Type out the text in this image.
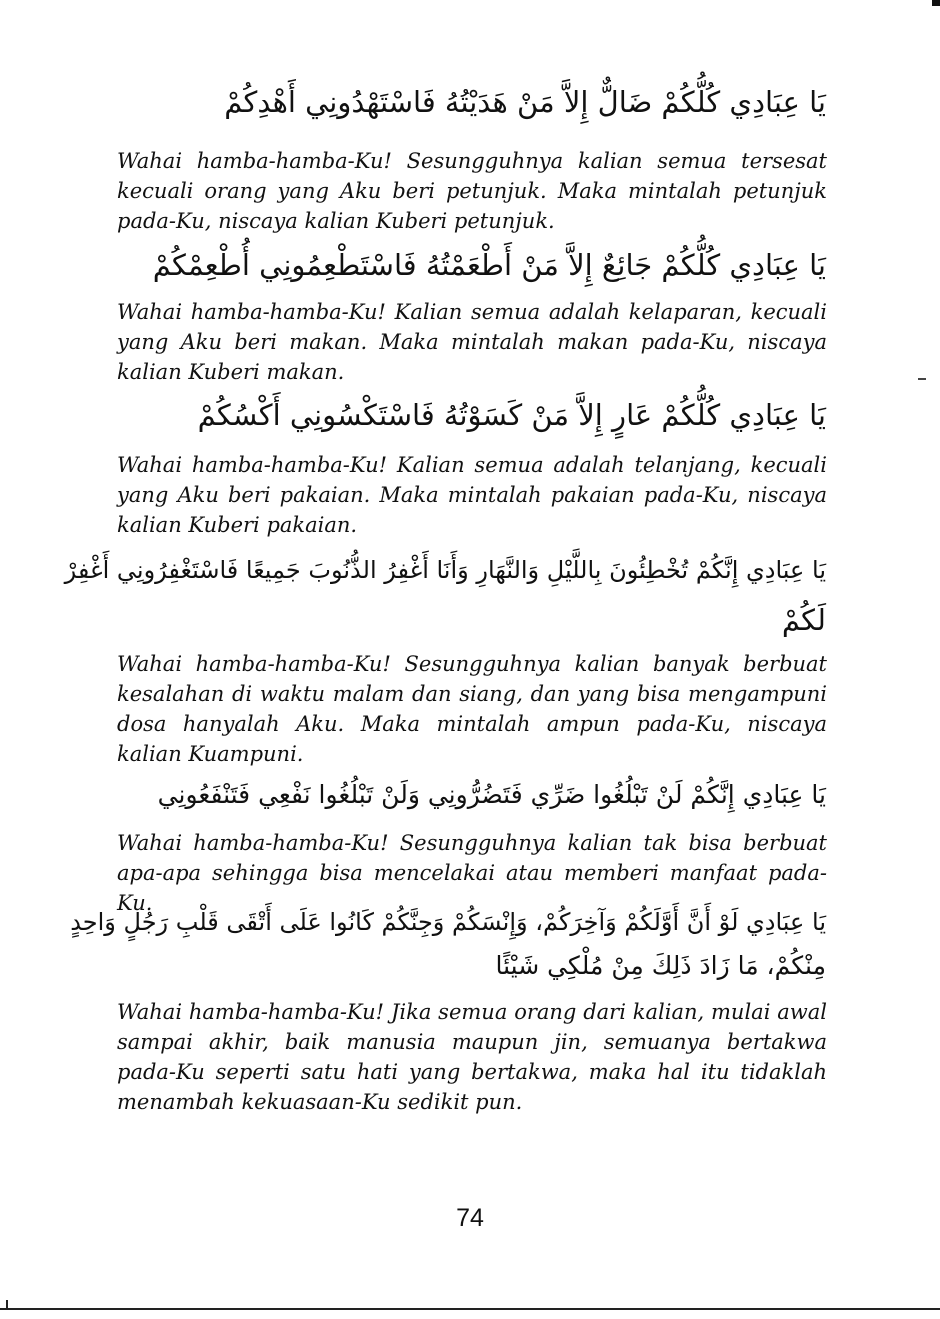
يَا عِبَادِي كُلُّكُمْ ضَالٌّ إِلاَّ مَنْ هَدَيْتُهُ فَاسْتَهْدُونِي أَهْدِكُمْ

Wahai hamba-hamba-Ku! Sesungguhnya kalian semua tersesat kecuali orang yang Aku beri petunjuk. Maka mintalah petunjuk pada-Ku, niscaya kalian Kuberi petunjuk.

يَا عِبَادِي كُلُّكُمْ جَائِعٌ إِلاَّ مَنْ أَطْعَمْتُهُ فَاسْتَطْعِمُونِي أُطْعِمْكُمْ

Wahai hamba-hamba-Ku! Kalian semua adalah kelaparan, kecuali yang Aku beri makan. Maka mintalah makan pada-Ku, niscaya kalian Kuberi makan.

يَا عِبَادِي كُلُّكُمْ عَارٍ إِلاَّ مَنْ كَسَوْتُهُ فَاسْتَكْسُونِي أَكْسُكُمْ

Wahai hamba-hamba-Ku! Kalian semua adalah telanjang, kecuali yang Aku beri pakaian. Maka mintalah pakaian pada-Ku, niscaya kalian Kuberi pakaian.

يَا عِبَادِي إِنَّكُمْ تُخْطِئُونَ بِاللَّيْلِ وَالنَّهَارِ وَأَنَا أَغْفِرُ الذُّنُوبَ جَمِيعًا فَاسْتَغْفِرُونِي أَغْفِرْ
لَكُمْ

Wahai hamba-hamba-Ku! Sesungguhnya kalian banyak berbuat kesalahan di waktu malam dan siang, dan yang bisa mengampuni dosa hanyalah Aku. Maka mintalah ampun pada-Ku, niscaya kalian Kuampuni.

يَا عِبَادِي إِنَّكُمْ لَنْ تَبْلُغُوا ضَرِّي فَتَضُرُّونِي وَلَنْ تَبْلُغُوا نَفْعِي فَتَنْفَعُونِي

Wahai hamba-hamba-Ku! Sesungguhnya kalian tak bisa berbuat apa-apa sehingga bisa mencelakai atau memberi manfaat pada-Ku.

يَا عِبَادِي لَوْ أَنَّ أَوَّلَكُمْ وَآخِرَكُمْ، وَإِنْسَكُمْ وَجِنَّكُمْ كَانُوا عَلَى أَتْقَى قَلْبِ رَجُلٍ وَاحِدٍ
مِنْكُمْ، مَا زَادَ ذَلِكَ مِنْ مُلْكِي شَيْئًا

Wahai hamba-hamba-Ku! Jika semua orang dari kalian, mulai awal sampai akhir, baik manusia maupun jin, semuanya bertakwa pada-Ku seperti satu hati yang bertakwa, maka hal itu tidaklah menambah kekuasaan-Ku sedikit pun.

74
